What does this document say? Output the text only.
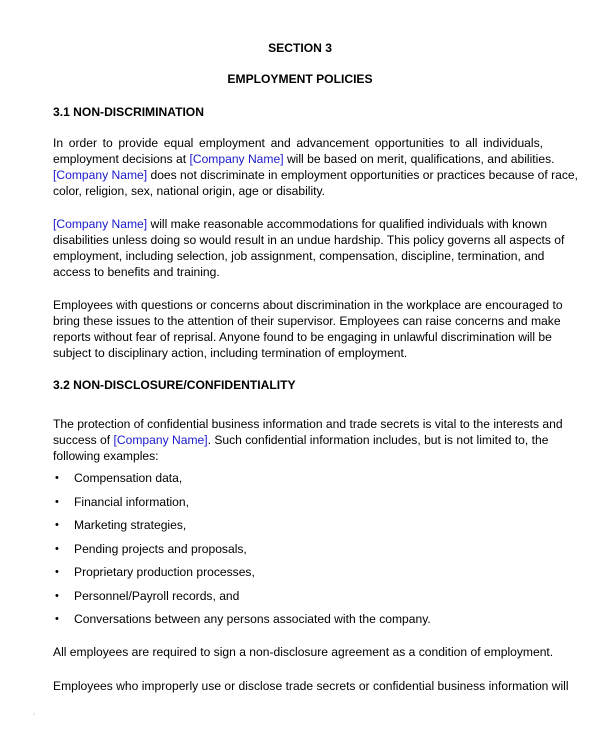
SECTION 3
EMPLOYMENT POLICIES
3.1 NON-DISCRIMINATION
In order to provide equal employment and advancement opportunities to all individuals,
employment decisions at [Company Name] will be based on merit, qualifications, and abilities.
[Company Name] does not discriminate in employment opportunities or practices because of race,
color, religion, sex, national origin, age or disability.
[Company Name] will make reasonable accommodations for qualified individuals with known
disabilities unless doing so would result in an undue hardship. This policy governs all aspects of
employment, including selection, job assignment, compensation, discipline, termination, and
access to benefits and training.
Employees with questions or concerns about discrimination in the workplace are encouraged to
bring these issues to the attention of their supervisor. Employees can raise concerns and make
reports without fear of reprisal. Anyone found to be engaging in unlawful discrimination will be
subject to disciplinary action, including termination of employment.
3.2 NON-DISCLOSURE/CONFIDENTIALITY
The protection of confidential business information and trade secrets is vital to the interests and
success of [Company Name]. Such confidential information includes, but is not limited to, the
following examples:
• Compensation data,
• Financial information,
• Marketing strategies,
• Pending projects and proposals,
• Proprietary production processes,
• Personnel/Payroll records, and
• Conversations between any persons associated with the company.
All employees are required to sign a non-disclosure agreement as a condition of employment.
Employees who improperly use or disclose trade secrets or confidential business information will
›
